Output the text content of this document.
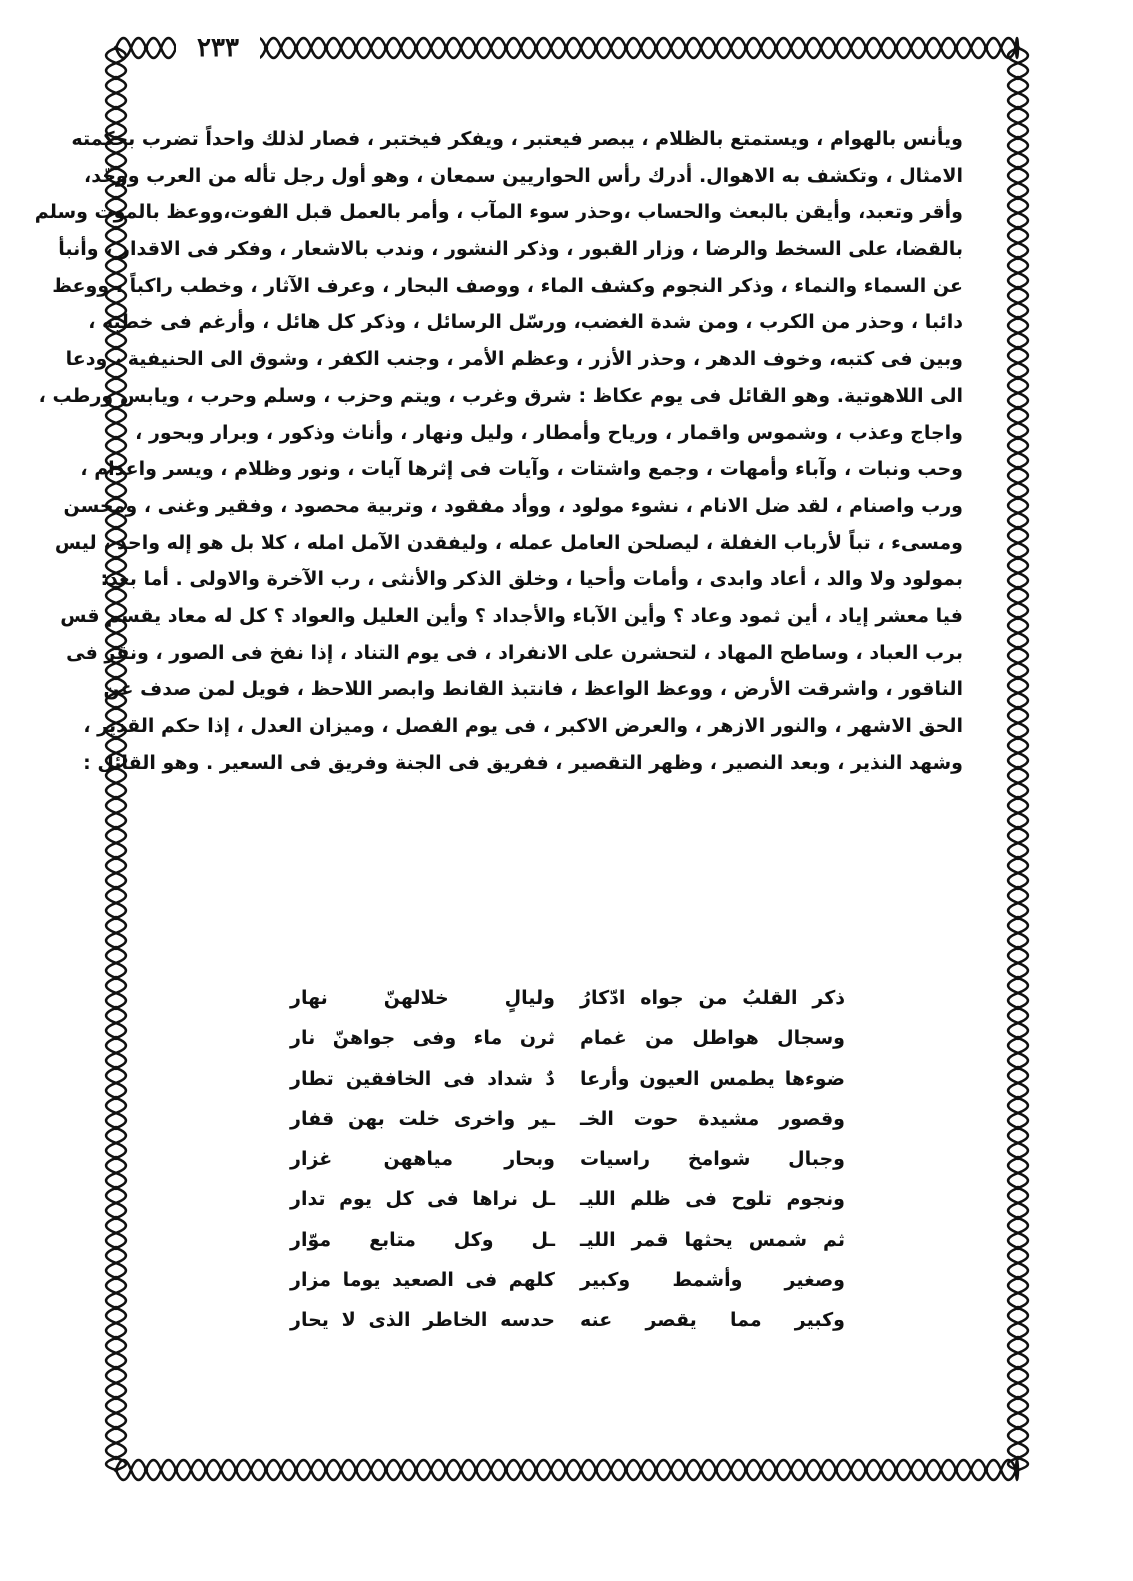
٢٣٣
ويأنس بالهوام ، ويستمتع بالظلام ، يبصر فيعتبر ، ويفكر فيختبر ، فصار لذلك واحداً تضرب بحكمته
الامثال ، وتكشف به الاهوال. أدرك رأس الحواريين سمعان ، وهو أول رجل تأله من العرب ووحّد،
وأقر وتعبد، وأيقن بالبعث والحساب ،وحذر سوء المآب ، وأمر بالعمل قبل الفوت،ووعظ بالموت وسلم
بالقضا، على السخط والرضا ، وزار القبور ، وذكر النشور ، وندب بالاشعار ، وفكر فى الاقدار ، وأنبأ
عن السماء والنماء ، وذكر النجوم وكشف الماء ، ووصف البحار ، وعرف الآثار ، وخطب راكباً ، ووعظ
دائبا ، وحذر من الكرب ، ومن شدة الغضب، ورسّل الرسائل ، وذكر كل هائل ، وأرغم فى خطبه ،
وبين فى كتبه، وخوف الدهر ، وحذر الأزر ، وعظم الأمر ، وجنب الكفر ، وشوق الى الحنيفية ، ودعا
الى اللاهوتية. وهو القائل فى يوم عكاظ : شرق وغرب ، ويتم وحزب ، وسلم وحرب ، ويابس ورطب ،
واجاج وعذب ، وشموس واقمار ، ورياح وأمطار ، وليل ونهار ، وأناث وذكور ، وبرار وبحور ،
وحب ونبات ، وآباء وأمهات ، وجمع واشتات ، وآيات فى إثرها آيات ، ونور وظلام ، ويسر واعدام ،
ورب واصنام ، لقد ضل الانام ، نشوء مولود ، ووأد مفقود ، وتربية محصود ، وفقير وغنى ، ومحسن
ومسىء ، تباً لأرباب الغفلة ، ليصلحن العامل عمله ، وليفقدن الآمل امله ، كلا بل هو إله واحد ، ليس
بمولود ولا والد ، أعاد وابدى ، وأمات وأحيا ، وخلق الذكر والأنثى ، رب الآخرة والاولى . أما بعد:
فيا معشر إياد ، أين ثمود وعاد ؟ وأين الآباء والأجداد ؟ وأين العليل والعواد ؟ كل له معاد يقسم قس
برب العباد ، وساطح المهاد ، لتحشرن على الانفراد ، فى يوم التناد ، إذا نفخ فى الصور ، ونقر فى
الناقور ، واشرقت الأرض ، ووعظ الواعظ ، فانتبذ القانط وابصر اللاحظ ، فويل لمن صدف عن
الحق الاشهر ، والنور الازهر ، والعرض الاكبر ، فى يوم الفصل ، وميزان العدل ، إذا حكم القدير ،
وشهد النذير ، وبعد النصير ، وظهر التقصير ، ففريق فى الجنة وفريق فى السعير . وهو القائل :
ذكر القلبُ من جواه ادّكارُ
وليالٍ خلالهنّ نهار
وسجال هواطل من غمام
ثرن ماء وفى جواهنّ نار
ضوءها يطمس العيون وأرعا
دٌ شداد فى الخافقين تطار
وقصور مشيدة حوت الخـ
ـير واخرى خلت بهن قفار
وجبال شوامخ راسيات
وبحار مياههن غزار
ونجوم تلوح فى ظلم الليـ
ـل نراها فى كل يوم تدار
ثم شمس يحثها قمر الليـ
ـل وكل متابع موّار
وصغير وأشمط وكبير
كلهم فى الصعيد يوما مزار
وكبير مما يقصر عنه
حدسه الخاطر الذى لا يحار
